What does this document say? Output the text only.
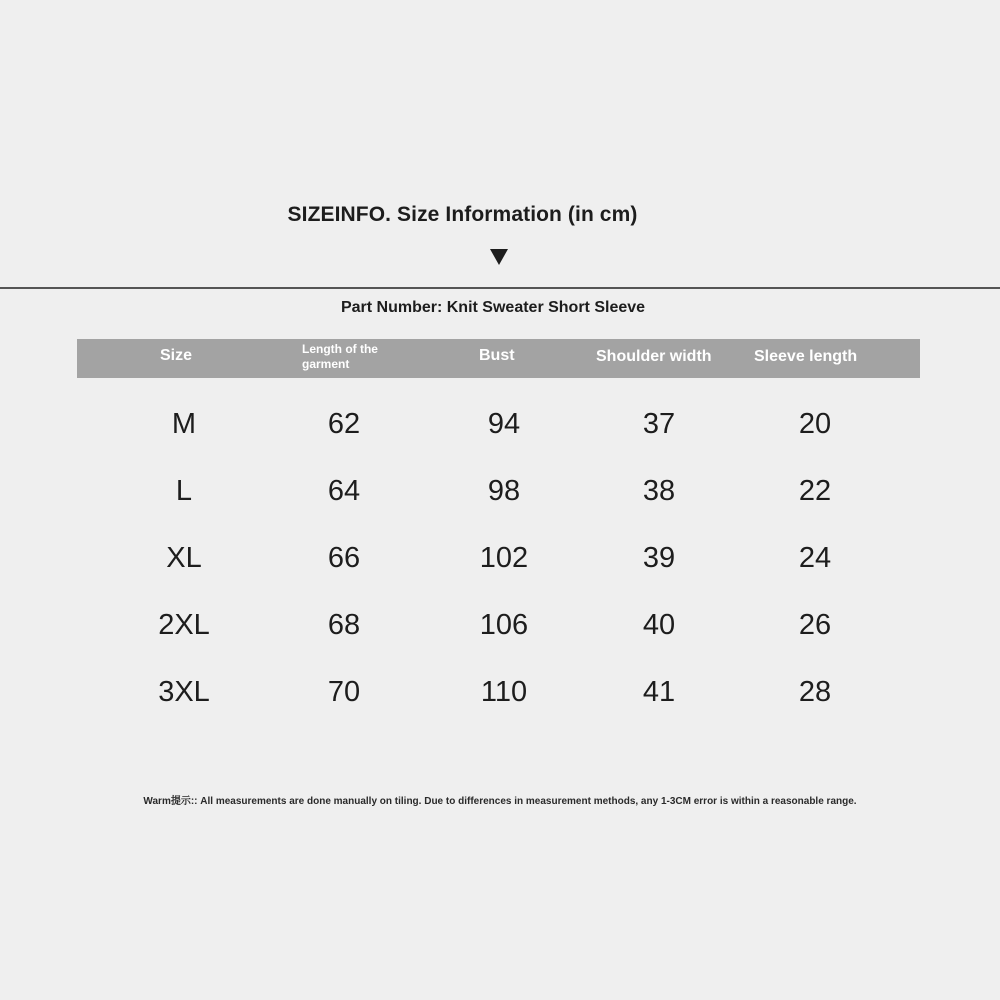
SIZEINFO. Size Information (in cm)
Part Number: Knit Sweater Short Sleeve
Size	Length of the garment	Bust	Shoulder width	Sleeve length
M	62	94	37	20
L	64	98	38	22
XL	66	102	39	24
2XL	68	106	40	26
3XL	70	110	41	28
Warm提示:: All measurements are done manually on tiling. Due to differences in measurement methods, any 1-3CM error is within a reasonable range.
